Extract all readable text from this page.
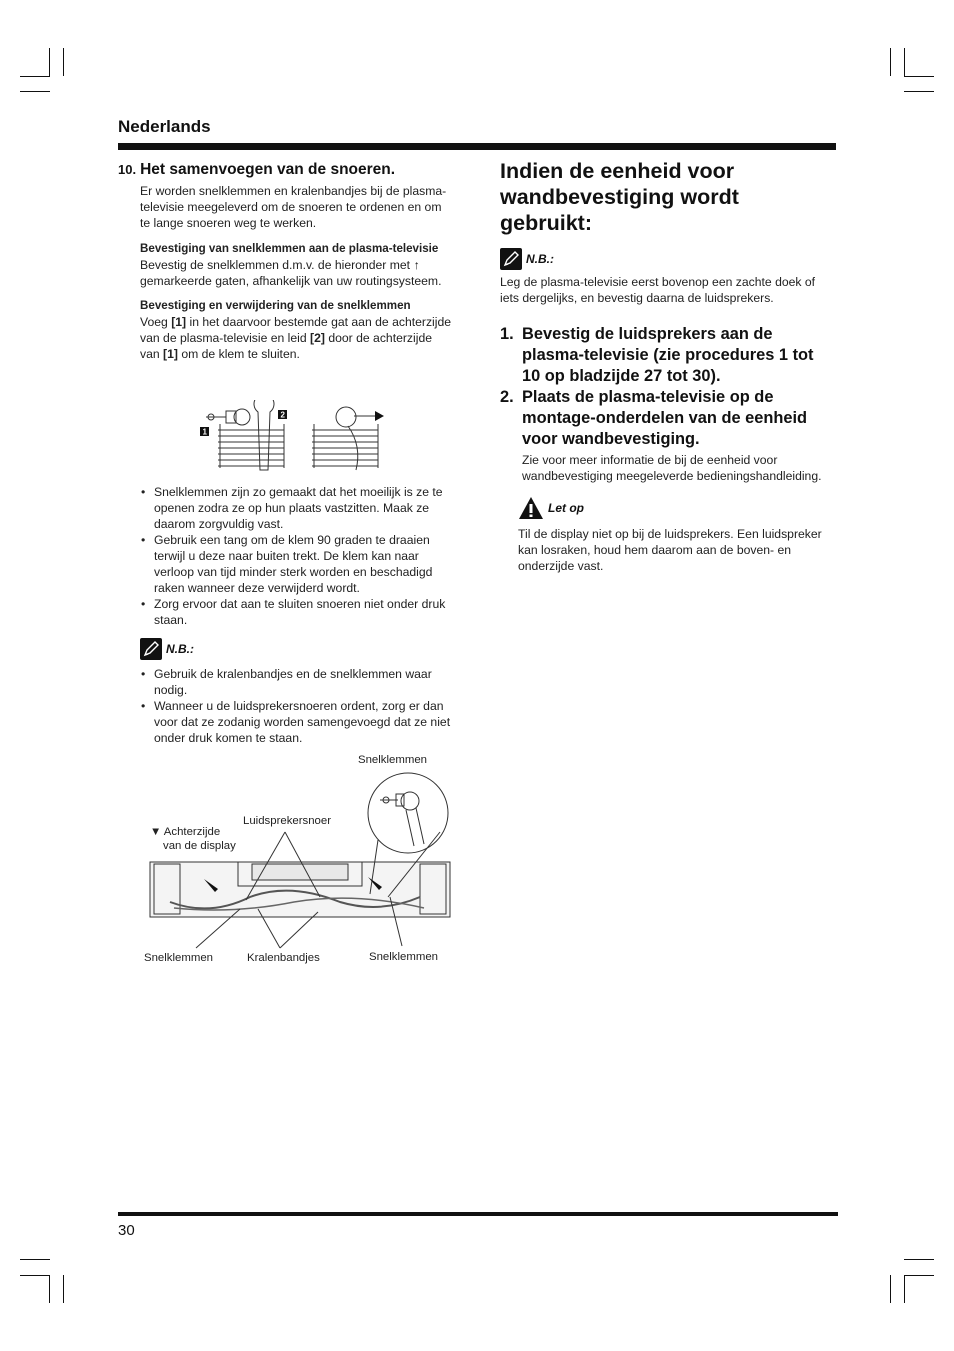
Nederlands
10. Het samenvoegen van de snoeren.

Er worden snelklemmen en kralenbandjes bij de plasma-televisie meegeleverd om de snoeren te ordenen en om te lange snoeren weg te werken.

Bevestiging van snelklemmen aan de plasma-televisie

Bevestig de snelklemmen d.m.v. de hieronder met ↑ gemarkeerde gaten, afhankelijk van uw routingsysteem.

Bevestiging en verwijdering van de snelklemmen

Voeg [1] in het daarvoor bestemde gat aan de achterzijde van de plasma-televisie en leid [2] door de achterzijde van [1] om de klem te sluiten.

1
2
• Snelklemmen zijn zo gemaakt dat het moeilijk is ze te openen zodra ze op hun plaats vastzitten. Maak ze daarom zorgvuldig vast.
• Gebruik een tang om de klem 90 graden te draaien terwijl u deze naar buiten trekt. De klem kan naar verloop van tijd minder sterk worden en beschadigd raken wanneer deze verwijderd wordt.
• Zorg ervoor dat aan te sluiten snoeren niet onder druk staan.
N.B.:
• Gebruik de kralenbandjes en de snelklemmen waar nodig.
• Wanneer u de luidsprekersnoeren ordent, zorg er dan voor dat ze zodanig worden samengevoegd dat ze niet onder druk komen te staan.
Snelklemmen
Luidsprekersnoer
▼ Achterzijde
van de display
Snelklemmen	Kralenbandjes	Snelklemmen
Indien de eenheid voor wandbevestiging wordt gebruikt:
N.B.:

Leg de plasma-televisie eerst bovenop een zachte doek of iets dergelijks, en bevestig daarna de luidsprekers.

1. Bevestig de luidsprekers aan de plasma-televisie (zie procedures 1 tot 10 op bladzijde 27 tot 30).
2. Plaats de plasma-televisie op de montage-onderdelen van de eenheid voor wandbevestiging.

Zie voor meer informatie de bij de eenheid voor wandbevestiging meegeleverde bedieningshandleiding.

Let op

Til de display niet op bij de luidsprekers. Een luidspreker kan losraken, houd hem daarom aan de boven- en onderzijde vast.

30
